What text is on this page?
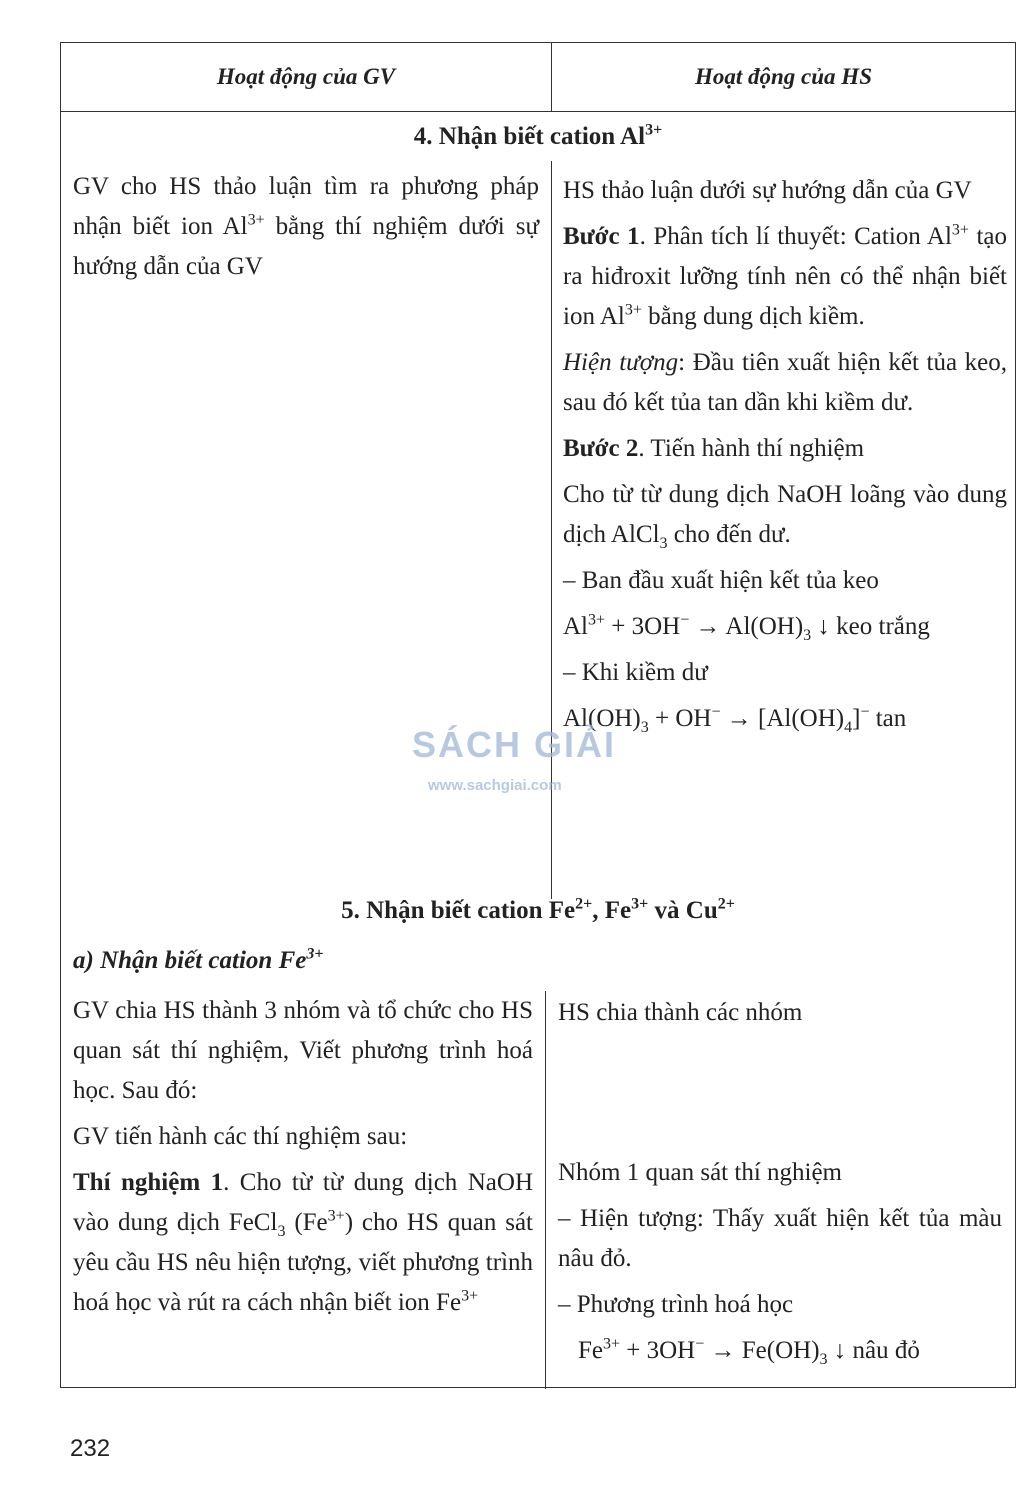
Hoạt động của GV	Hoạt động của HS
4. Nhận biết cation $Al^{3+}$

GV cho HS thảo luận tìm ra phương pháp nhận biết ion $Al^{3+}$ bằng thí nghiệm dưới sự hướng dẫn của GV

HS thảo luận dưới sự hướng dẫn của GV

Bước 1. Phân tích lí thuyết: Cation $Al^{3+}$ tạo ra hiđroxit lưỡng tính nên có thể nhận biết ion $Al^{3+}$ bằng dung dịch kiềm.

Hiện tượng: Đầu tiên xuất hiện kết tủa keo, sau đó kết tủa tan dần khi kiềm dư.

Bước 2. Tiến hành thí nghiệm

Cho từ từ dung dịch NaOH loãng vào dung dịch AlCl$_3$ cho đến dư.

– Ban đầu xuất hiện kết tủa keo

$Al^{3+} + 3OH^- \to Al(OH)_3$ ↓ keo trắng

– Khi kiềm dư

$Al(OH)_3 + OH^- \to [Al(OH)_4]^-$ tan

5. Nhận biết cation $Fe^{2+}$, $Fe^{3+}$ và $Cu^{2+}$
a) Nhận biết cation $Fe^{3+}$

GV chia HS thành 3 nhóm và tổ chức cho HS quan sát thí nghiệm, Viết phương trình hoá học. Sau đó:

GV tiến hành các thí nghiệm sau:

Thí nghiệm 1. Cho từ từ dung dịch NaOH vào dung dịch FeCl$_3$ $(Fe^{3+})$ cho HS quan sát yêu cầu HS nêu hiện tượng, viết phương trình hoá học và rút ra cách nhận biết ion $Fe^{3+}$

HS chia thành các nhóm

Nhóm 1 quan sát thí nghiệm

– Hiện tượng: Thấy xuất hiện kết tủa màu nâu đỏ.

– Phương trình hoá học

$Fe^{3+} + 3OH^- \to Fe(OH)_3$ ↓ nâu đỏ

SÁCH GIẢI
www.sachgiai.com
232
